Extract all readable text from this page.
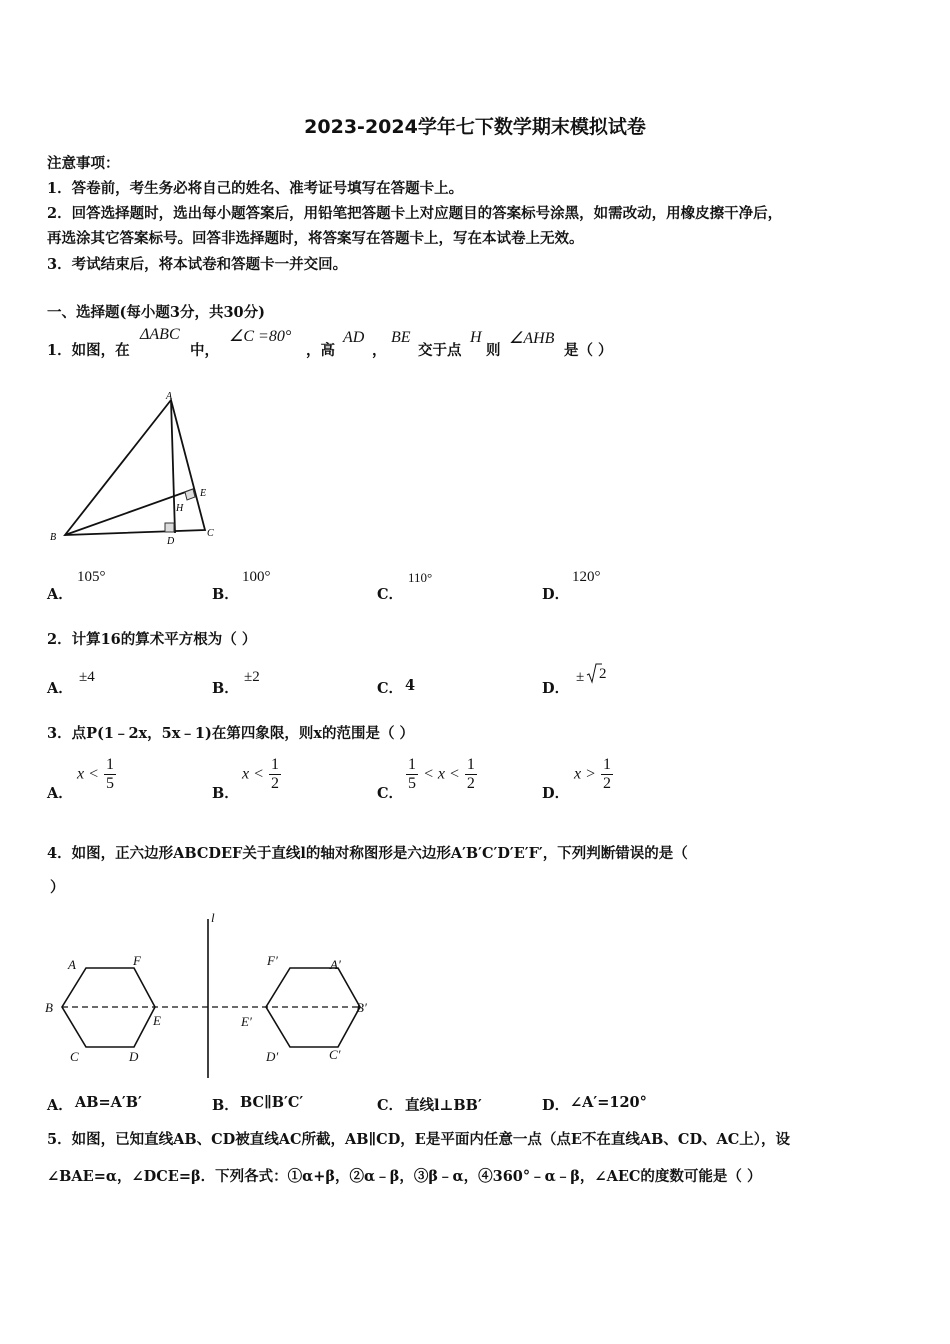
2023-2024学年七下数学期末模拟试卷
注意事项：
1．答卷前，考生务必将自己的姓名、准考证号填写在答题卡上。
2．回答选择题时，选出每小题答案后，用铅笔把答题卡上对应题目的答案标号涂黑，如需改动，用橡皮擦干净后，
再选涂其它答案标号。回答非选择题时，将答案写在答题卡上，写在本试卷上无效。
3．考试结束后，将本试卷和答题卡一并交回。
一、选择题(每小题3分，共30分)
1．如图，在
ΔABC
中，
∠C =80°
，高
AD
，
BE
交于点
H
则
∠AHB
是（ ）
A
B	C
D
E
H
A．
105°
B．
100°
C．
110°
D．
120°
2．计算16的算术平方根为（ ）
A．
±4
B．
±2
C． 4	D．
± 2
3．点P(1﹣2x，5x﹣1)在第四象限，则x的范围是（ ）
A．
$x < \frac{1}{5}$
B．
$x < \frac{1}{2}$
C．
$\frac{1}{5} < x < \frac{1}{2}$
D．
$x > \frac{1}{2}$
4．如图，正六边形ABCDEF关于直线l的轴对称图形是六边形A′B′C′D′E′F′，下列判断错误的是（
）
l
A	F
B
E
C	D
F′	A′
E′
B′
D′	C′
A． AB=A′B′	B． BC∥B′C′	C． 直线l⊥BB′	D． ∠A′=120°
5．如图，已知直线AB、CD被直线AC所截，AB∥CD，E是平面内任意一点（点E不在直线AB、CD、AC上），设
∠BAE=α，∠DCE=β．下列各式：①α+β，②α﹣β，③β﹣α，④360°﹣α﹣β，∠AEC的度数可能是（ ）
